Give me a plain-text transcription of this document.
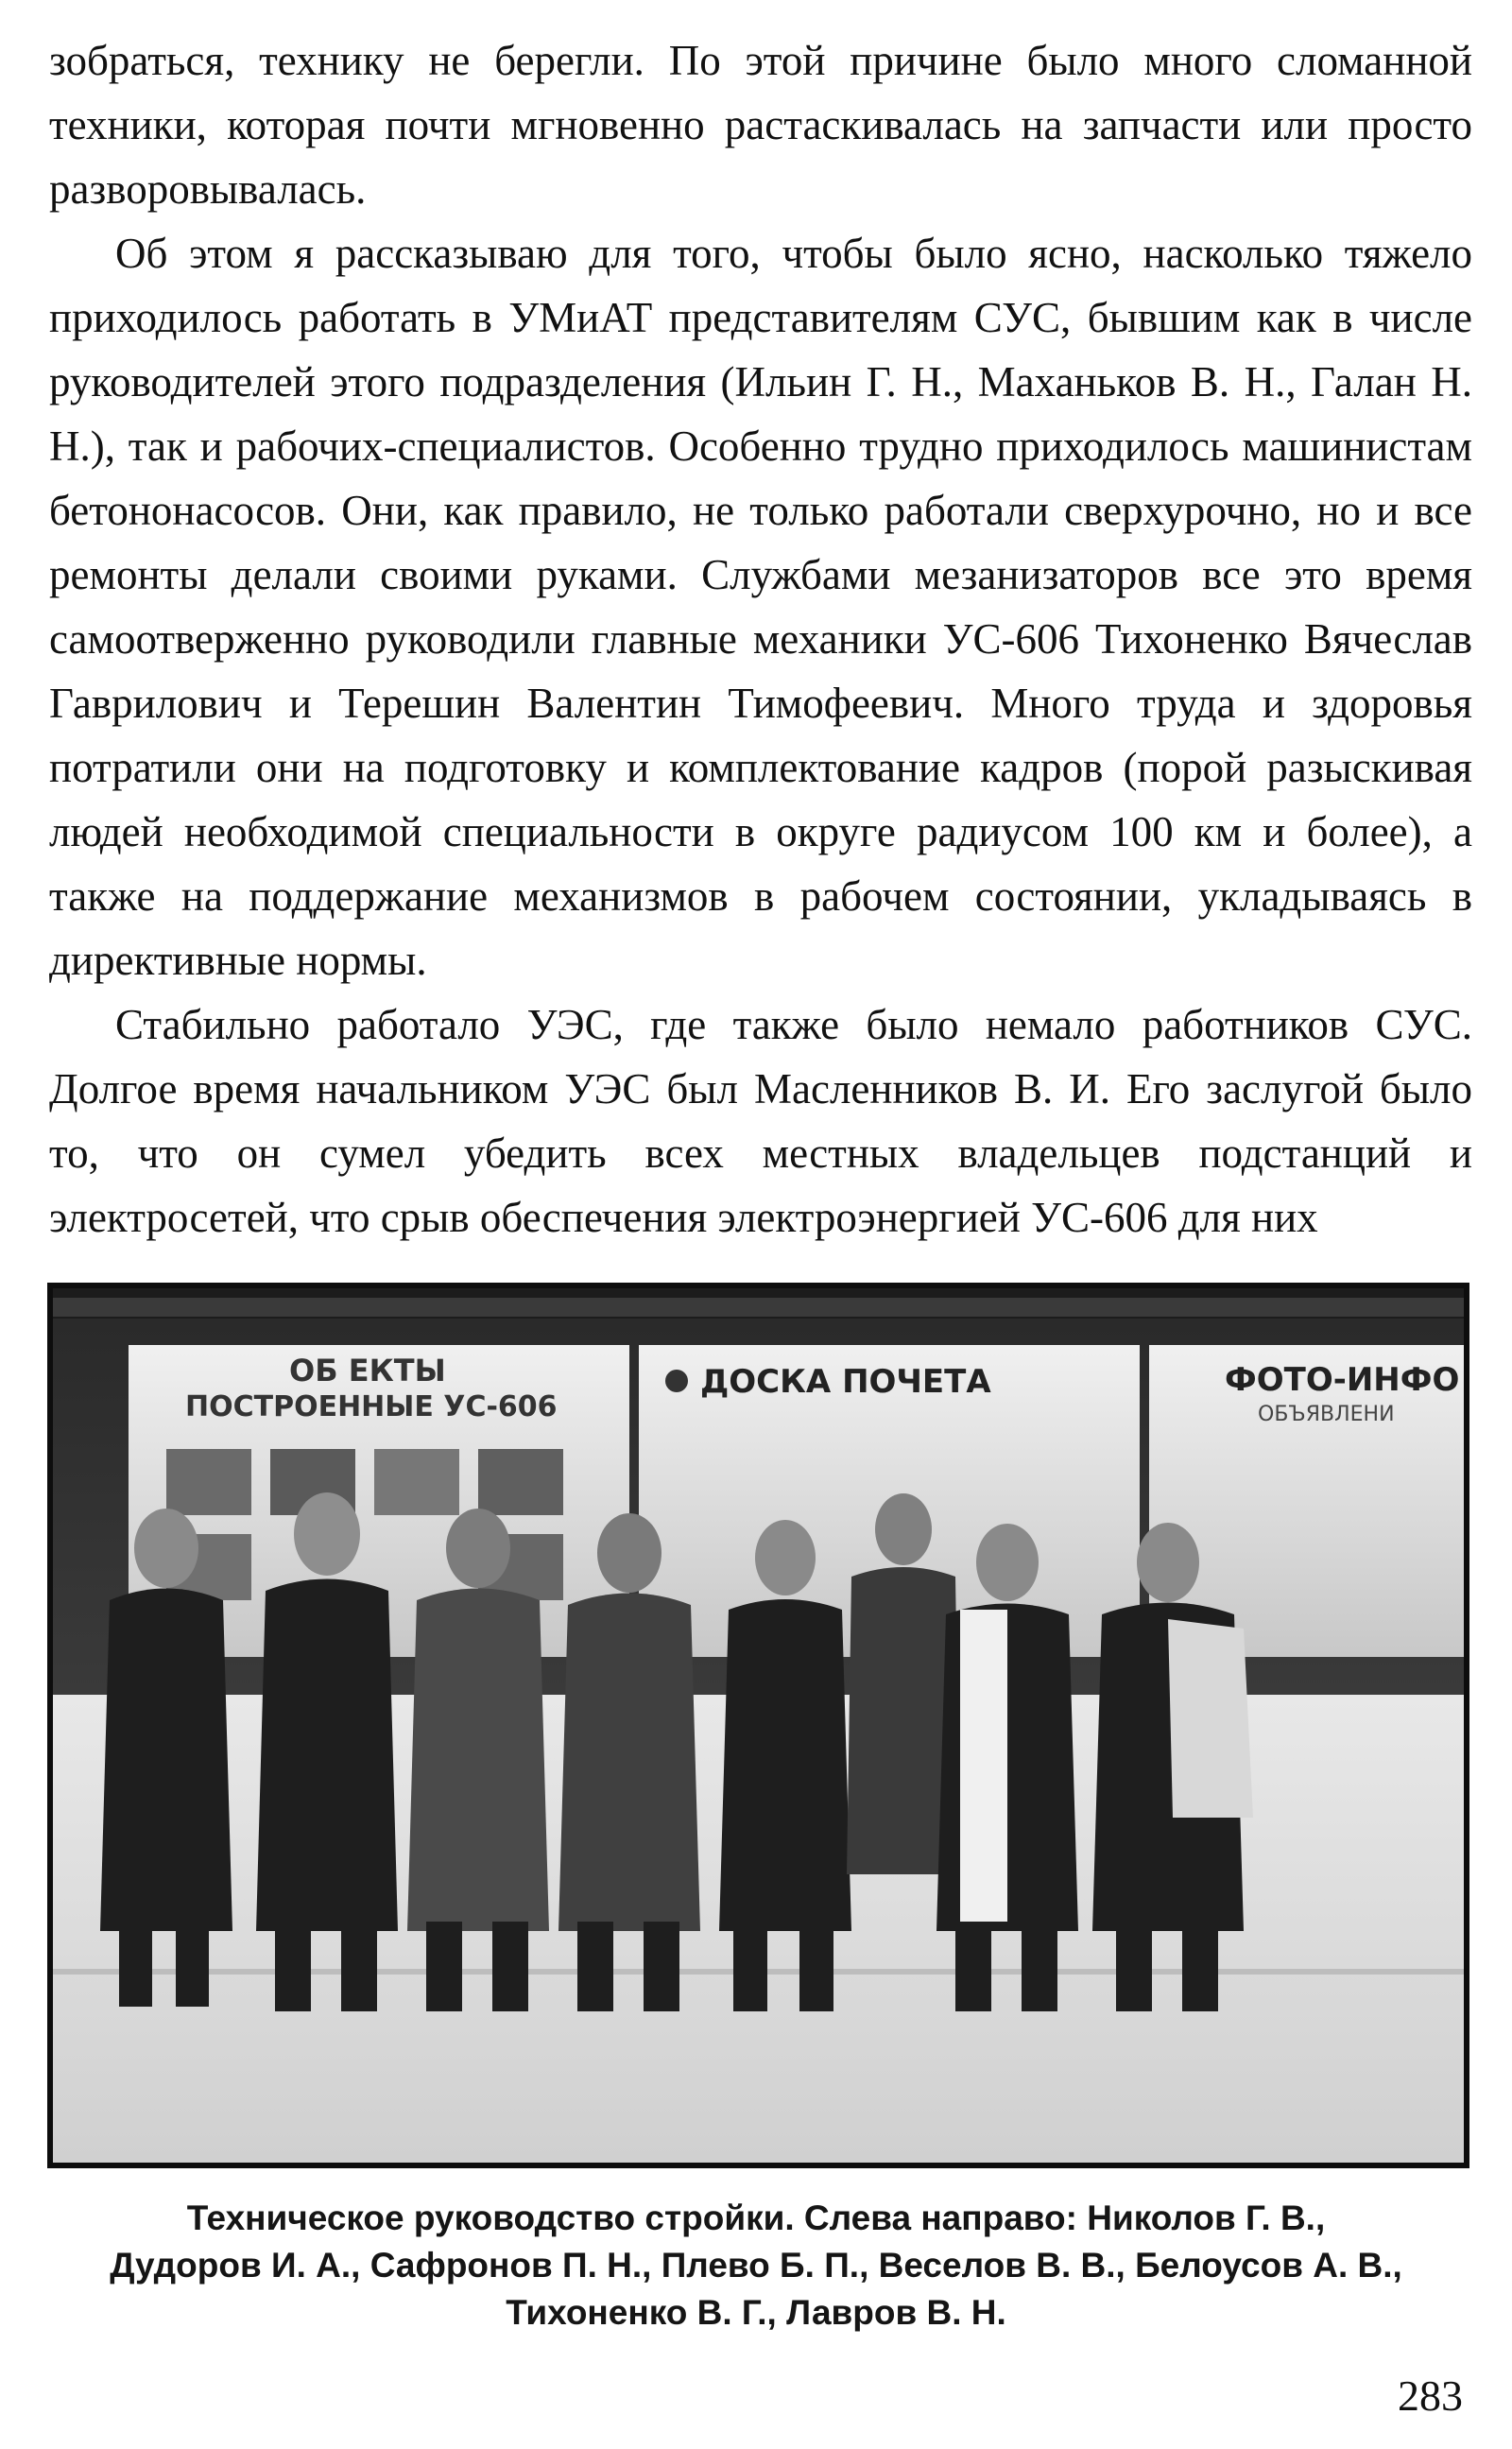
зобраться, технику не берегли. По этой причине было много сломанной техники, которая почти мгновенно растаскивалась на запчасти или просто разворовывалась.

Об этом я рассказываю для того, чтобы было ясно, насколько тяжело приходилось работать в УМиАТ представителям СУС, бывшим как в числе руководителей этого подразделения (Ильин Г. Н., Маханьков В. Н., Галан Н. Н.), так и рабочих-специалистов. Особенно трудно приходилось машинистам бетононасосов. Они, как правило, не только работали сверхурочно, но и все ремонты делали своими руками. Службами мезанизаторов все это время самоотверженно руководили главные механики УС-606 Тихоненко Вячеслав Гаврилович и Терешин Валентин Тимофеевич. Много труда и здоровья потратили они на подготовку и комплектование кадров (порой разыскивая людей необходимой специальности в округе радиусом 100 км и более), а также на поддержание механизмов в рабочем состоянии, укладываясь в директивные нормы.

Стабильно работало УЭС, где также было немало работников СУС. Долгое время начальником УЭС был Масленников В. И. Его заслугой было то, что он сумел убедить всех местных владельцев подстанций и электросетей, что срыв обеспечения электроэнергией УС-606 для них

ОБ ЕКТЫ
ПОСТРОЕННЫЕ УС-606
ДОСКА ПОЧЕТА	ФОТО-ИНФО
ОБЪЯВЛЕНИ
Техническое руководство стройки. Слева направо: Николов Г. В.,
Дудоров И. А., Сафронов П. Н., Плево Б. П., Веселов В. В., Белоусов А. В.,
Тихоненко В. Г., Лавров В. Н.
283
